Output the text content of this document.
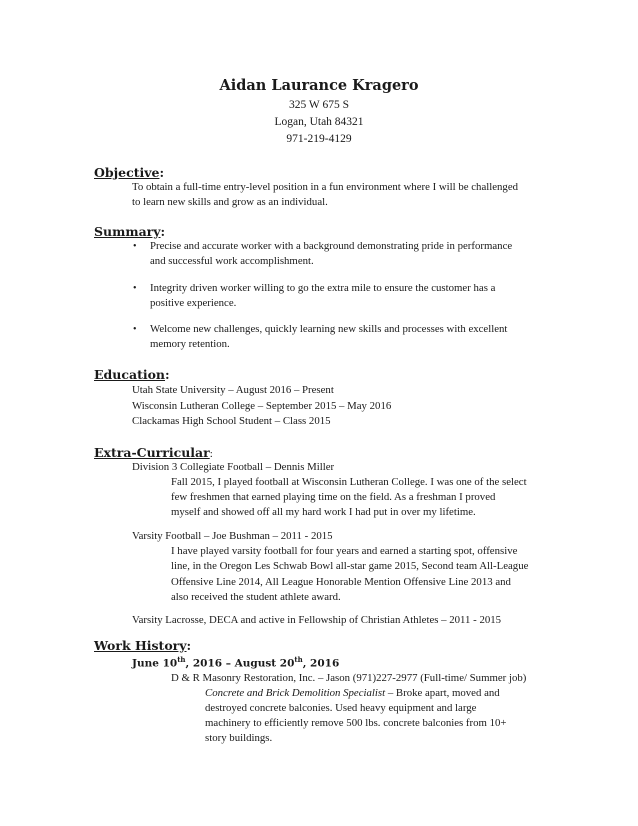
Aidan Laurance Kragero
325 W 675 S
Logan, Utah 84321
971-219-4129
Objective:
To obtain a full-time entry-level position in a fun environment where I will be challenged
to learn new skills and grow as an individual.
Summary:
• Precise and accurate worker with a background demonstrating pride in performance
and successful work accomplishment.
• Integrity driven worker willing to go the extra mile to ensure the customer has a
positive experience.
• Welcome new challenges, quickly learning new skills and processes with excellent
memory retention.
Education:
Utah State University – August 2016 – Present
Wisconsin Lutheran College – September 2015 – May 2016
Clackamas High School Student – Class 2015
Extra-Curricular:
Division 3 Collegiate Football – Dennis Miller
Fall 2015, I played football at Wisconsin Lutheran College. I was one of the select
few freshmen that earned playing time on the field. As a freshman I proved
myself and showed off all my hard work I had put in over my lifetime.
Varsity Football – Joe Bushman – 2011 - 2015
I have played varsity football for four years and earned a starting spot, offensive
line, in the Oregon Les Schwab Bowl all-star game 2015, Second team All-League
Offensive Line 2014, All League Honorable Mention Offensive Line 2013 and
also received the student athlete award.
Varsity Lacrosse, DECA and active in Fellowship of Christian Athletes – 2011 - 2015
Work History:
June 10th, 2016 – August 20th, 2016
D & R Masonry Restoration, Inc. – Jason (971)227-2977 (Full-time/ Summer job)
Concrete and Brick Demolition Specialist – Broke apart, moved and
destroyed concrete balconies. Used heavy equipment and large
machinery to efficiently remove 500 lbs. concrete balconies from 10+
story buildings.
